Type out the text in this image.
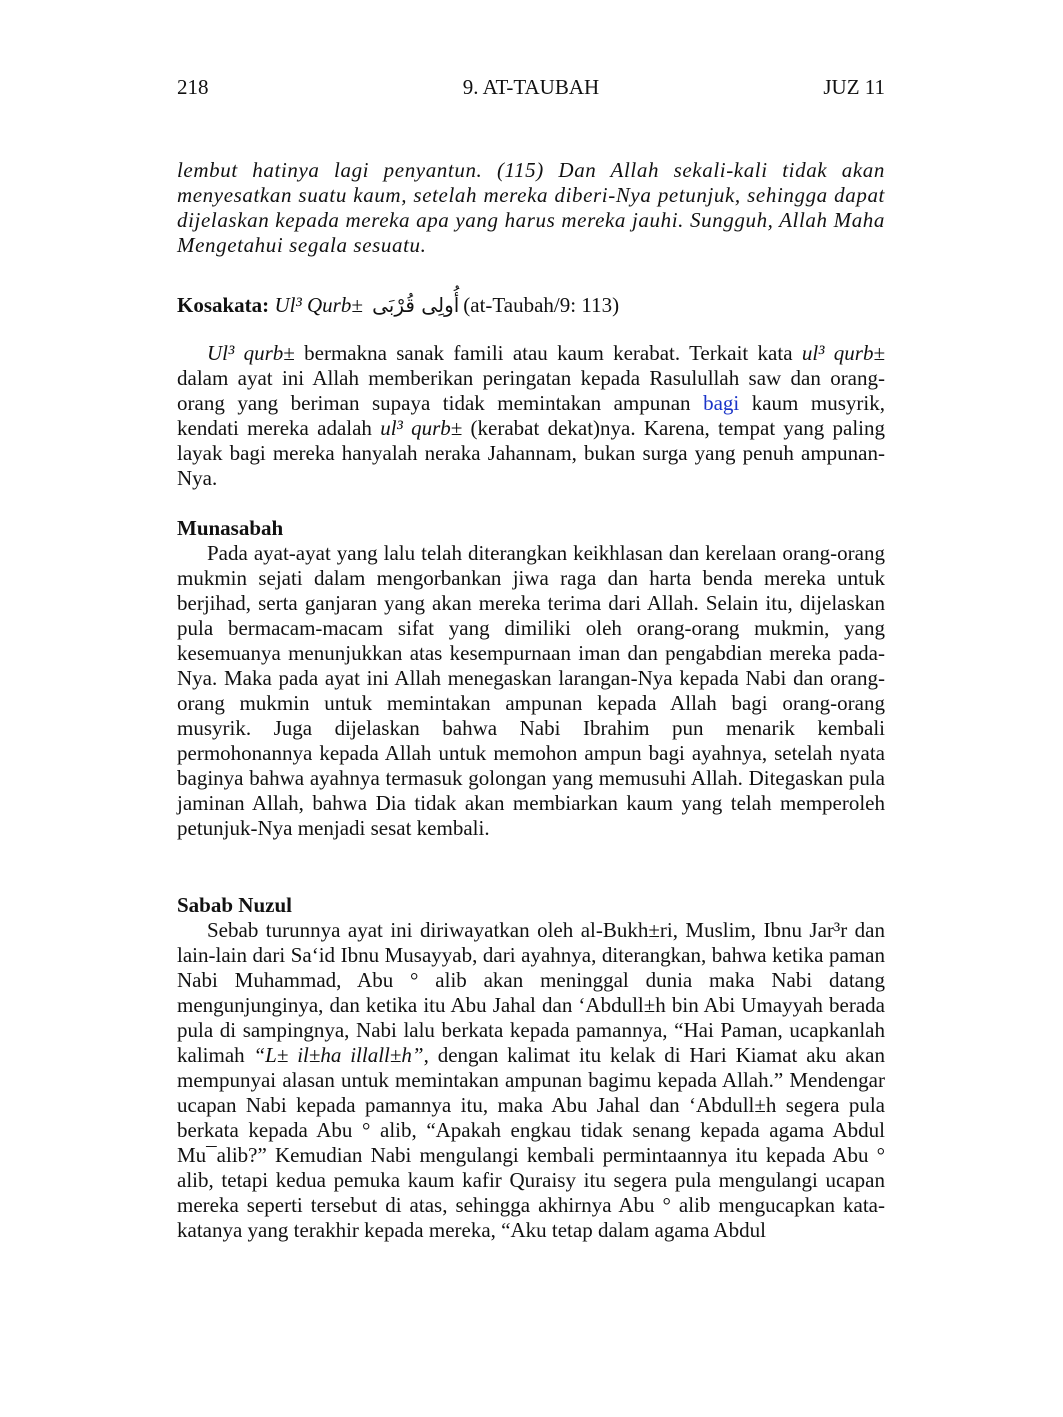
218	9. AT-TAUBAH	JUZ 11

lembut hatinya lagi penyantun. (115) Dan Allah sekali-kali tidak akan menyesatkan suatu kaum, setelah mereka diberi-Nya petunjuk, sehingga dapat dijelaskan kepada mereka apa yang harus mereka jauhi. Sungguh, Allah Maha Mengetahui segala sesuatu.

Kosakata: Ul³ Qurb± أُولِى قُرْبَى (at-Taubah/9: 113)

Ul³ qurb± bermakna sanak famili atau kaum kerabat. Terkait kata ul³ qurb± dalam ayat ini Allah memberikan peringatan kepada Rasulullah saw dan orang-orang yang beriman supaya tidak memintakan ampunan bagi kaum musyrik, kendati mereka adalah ul³ qurb± (kerabat dekat)nya. Karena, tempat yang paling layak bagi mereka hanyalah neraka Jahannam, bukan surga yang penuh ampunan-Nya.

Munasabah

Pada ayat-ayat yang lalu telah diterangkan keikhlasan dan kerelaan orang-orang mukmin sejati dalam mengorbankan jiwa raga dan harta benda mereka untuk berjihad, serta ganjaran yang akan mereka terima dari Allah. Selain itu, dijelaskan pula bermacam-macam sifat yang dimiliki oleh orang-orang mukmin, yang kesemuanya menunjukkan atas kesempurnaan iman dan pengabdian mereka pada-Nya. Maka pada ayat ini Allah menegaskan larangan-Nya kepada Nabi dan orang-orang mukmin untuk memintakan ampunan kepada Allah bagi orang-orang musyrik. Juga dijelaskan bahwa Nabi Ibrahim pun menarik kembali permohonannya kepada Allah untuk memohon ampun bagi ayahnya, setelah nyata baginya bahwa ayahnya termasuk golongan yang memusuhi Allah. Ditegaskan pula jaminan Allah, bahwa Dia tidak akan membiarkan kaum yang telah memperoleh petunjuk-Nya menjadi sesat kembali.

Sabab Nuzul

Sebab turunnya ayat ini diriwayatkan oleh al-Bukh±ri, Muslim, Ibnu Jar³r dan lain-lain dari Sa‘id Ibnu Musayyab, dari ayahnya, diterangkan, bahwa ketika paman Nabi Muhammad, Abu ° alib akan meninggal dunia maka Nabi datang mengunjunginya, dan ketika itu Abu Jahal dan ‘Abdull±h bin Abi Umayyah berada pula di sampingnya, Nabi lalu berkata kepada pamannya, “Hai Paman, ucapkanlah kalimah “L± il±ha illall±h”, dengan kalimat itu kelak di Hari Kiamat aku akan mempunyai alasan untuk memintakan ampunan bagimu kepada Allah.” Mendengar ucapan Nabi kepada pamannya itu, maka Abu Jahal dan ‘Abdull±h segera pula berkata kepada Abu ° alib, “Apakah engkau tidak senang kepada agama Abdul Mu¯alib?” Kemudian Nabi mengulangi kembali permintaannya itu kepada Abu ° alib, tetapi kedua pemuka kaum kafir Quraisy itu segera pula mengulangi ucapan mereka seperti tersebut di atas, sehingga akhirnya Abu ° alib mengucapkan kata-katanya yang terakhir kepada mereka, “Aku tetap dalam agama Abdul
